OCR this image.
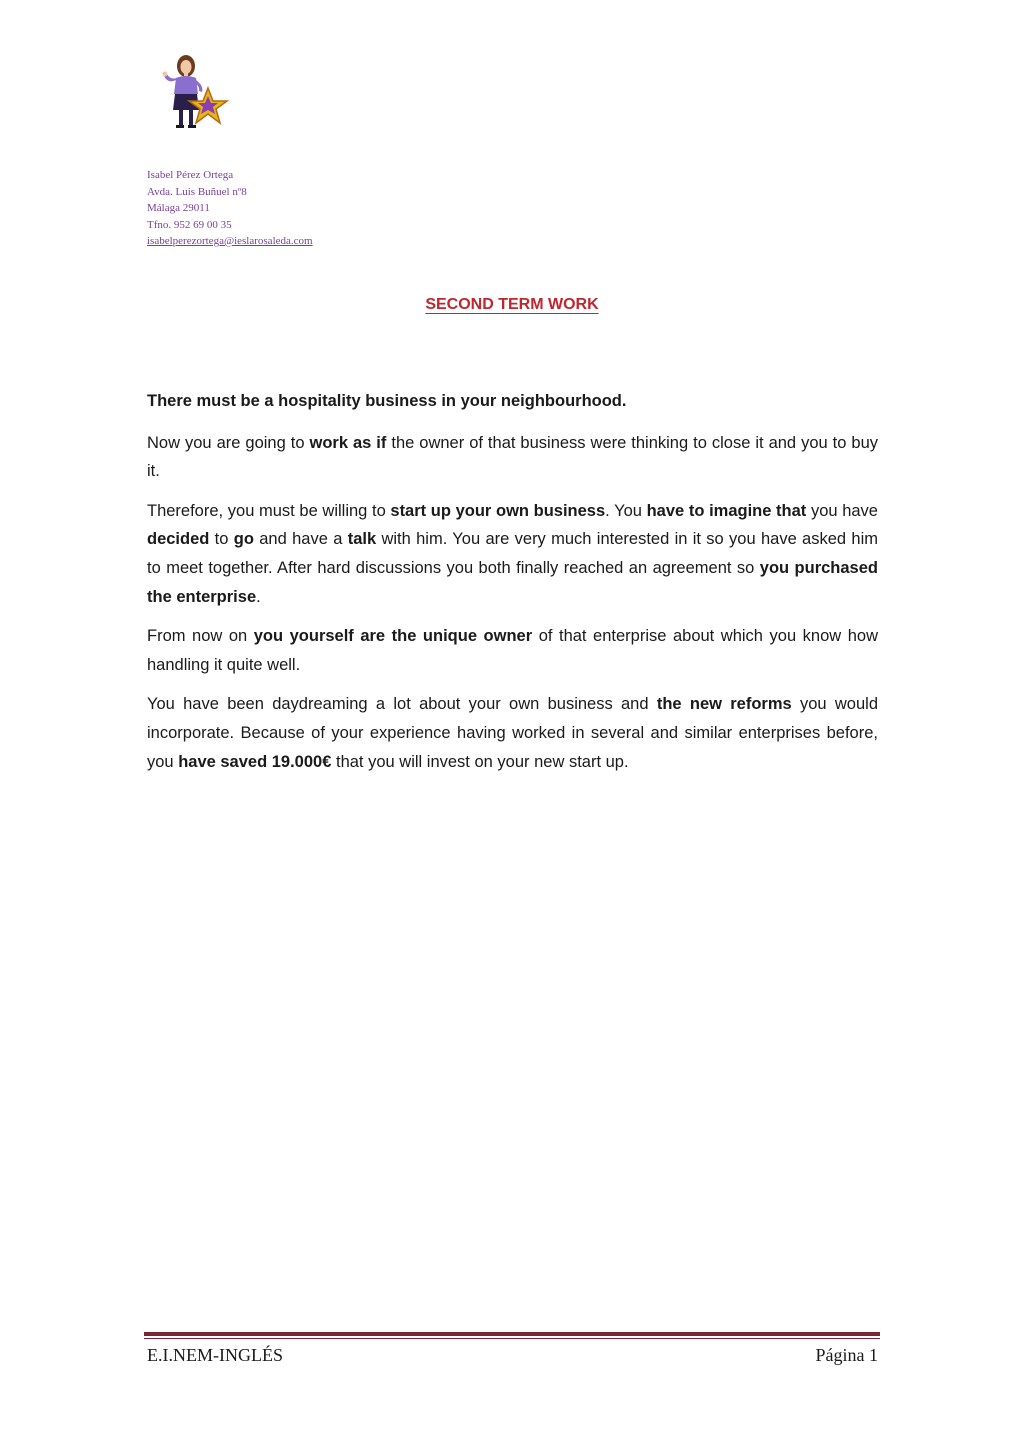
Isabel Pérez Ortega
Avda. Luis Buñuel nº8
Málaga 29011
Tfno. 952 69 00 35
isabelperezortega@ieslarosaleda.com
SECOND TERM WORK

There must be a hospitality business in your neighbourhood.

Now you are going to work as if the owner of that business were thinking to close it and you to buy it.

Therefore, you must be willing to start up your own business. You have to imagine that you have decided to go and have a talk with him. You are very much interested in it so you have asked him to meet together. After hard discussions you both finally reached an agreement so you purchased the enterprise.

From now on you yourself are the unique owner of that enterprise about which you know how handling it quite well.

You have been daydreaming a lot about your own business and the new reforms you would incorporate. Because of your experience having worked in several and similar enterprises before, you have saved 19.000€ that you will invest on your new start up.

E.I.NEM-INGLÉS	Página 1
